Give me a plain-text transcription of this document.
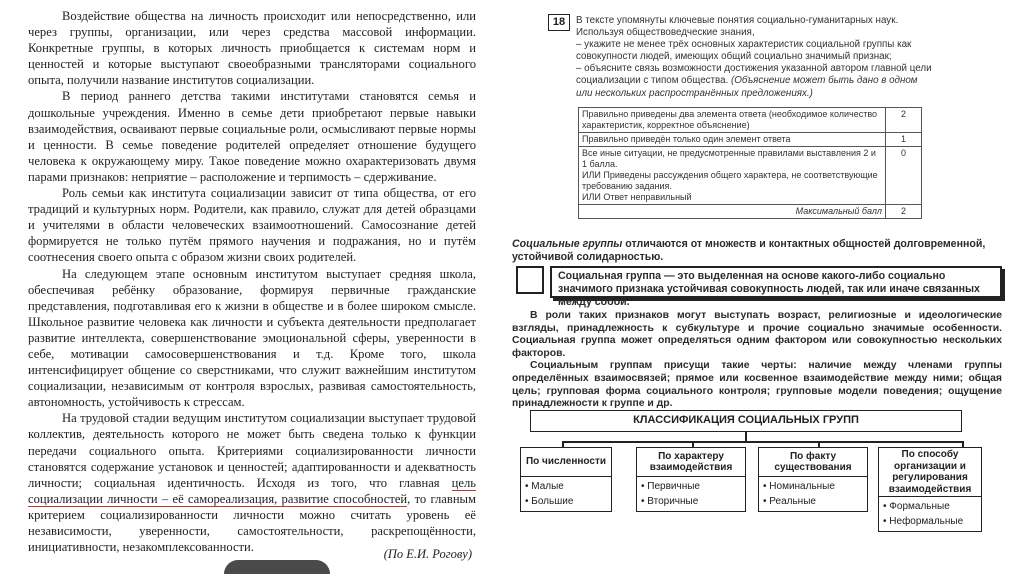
Воздействие общества на личность происходит или непосредственно, или через группы, организации, или через средства массовой информации. Конкретные группы, в которых личность приобщается к системам норм и ценностей и которые выступают своеобразными трансляторами социального опыта, получили название институтов социализации.

В период раннего детства такими институтами становятся семья и дошкольные учреждения. Именно в семье дети приобретают первые навыки взаимодействия, осваивают первые социальные роли, осмысливают первые нормы и ценности. В семье поведение родителей определяет отношение будущего человека к окружающему миру. Такое поведение можно охарактеризовать двумя парами признаков: неприятие – расположение и терпимость – сдерживание.

Роль семьи как института социализации зависит от типа общества, от его традиций и культурных норм. Родители, как правило, служат для детей образцами и учителями в области человеческих взаимоотношений. Самосознание детей формируется не только путём прямого научения и подражания, но и путём соотнесения своего опыта с образом жизни своих родителей.

На следующем этапе основным институтом выступает средняя школа, обеспечивая ребёнку образование, формируя первичные гражданские представления, подготавливая его к жизни в обществе и в более широком смысле. Школьное развитие человека как личности и субъекта деятельности предполагает развитие интеллекта, совершенствование эмоциональной сферы, уверенности в себе, мотивации самосовершенствования и т.д. Кроме того, школа интенсифицирует общение со сверстниками, что служит важнейшим институтом социализации, независимым от контроля взрослых, развивая самостоятельность, автономность, устойчивость к стрессам.

На трудовой стадии ведущим институтом социализации выступает трудовой коллектив, деятельность которого не может быть сведена только к функции передачи социального опыта. Критериями социализированности личности становятся содержание установок и ценностей; адаптированности и адекватность личности; социальная идентичность. Исходя из того, что главная цель социализации личности – её самореализация, развитие способностей, то главным критерием социализированности личности можно считать уровень её независимости, уверенности, самостоятельности, раскрепощённости, инициативности, незакомплексованности.	(По Е.И. Рогову)
18	В тексте упомянуты ключевые понятия социально-гуманитарных наук.
Используя обществоведческие знания,
– укажите не менее трёх основных характеристик социальной группы как совокупности людей, имеющих общий социально значимый признак;
– объясните связь возможности достижения указанной автором главной цели социализации с типом общества. (Объяснение может быть дано в одном или нескольких распространённых предложениях.)
Правильно приведены два элемента ответа (необходимое количество характеристик, корректное объяснение)	2
Правильно приведён только один элемент ответа	1

Все иные ситуации, не предусмотренные правилами выставления 2 и 1 балла.
ИЛИ Приведены рассуждения общего характера, не соответствующие требованию задания.
ИЛИ Ответ неправильный	0
Максимальный балл	2
Социальные группы отличаются от множеств и контактных общностей долговременной, устойчивой солидарностью.
Социальная группа — это выделенная на основе какого-либо социально значимого признака устойчивая совокупность людей, так или иначе связанных между собой.

В роли таких признаков могут выступать возраст, религиозные и идеологические взгляды, принадлежность к субкультуре и прочие социально значимые особенности. Социальная группа может определяться одним фактором или совокупностью нескольких факторов.

Социальным группам присущи такие черты: наличие между членами группы определённых взаимосвязей; прямое или косвенное взаимодействие между ними; общая цель; групповая форма социального контроля; групповые модели поведения; ощущение принадлежности к группе и др.

КЛАССИФИКАЦИЯ СОЦИАЛЬНЫХ ГРУПП
По численности
• Малые
• Большие
По характеру взаимодействия
• Первичные
• Вторичные
По факту существования
• Номинальные
• Реальные
По способу организации и регулирования взаимодействия
• Формальные
• Неформальные
